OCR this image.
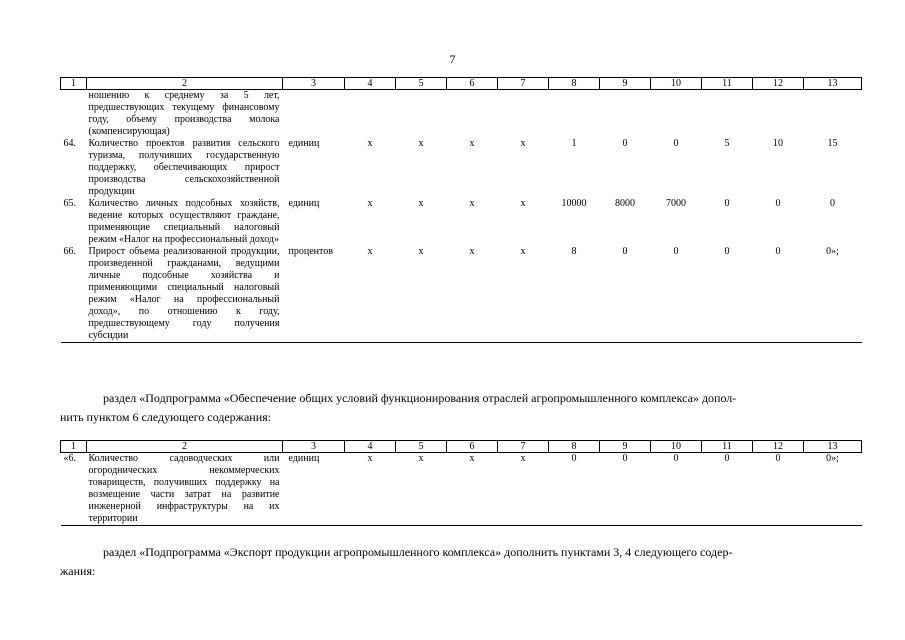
7
1	2	3	4	5	6	7	8	9	10	11	12	13
	ношению к среднему за 5 лет, предшествующих текущему финансовому году, объему производства молока (компенсирующая)											
64.	Количество проектов развития сельского туризма, получивших государственную поддержку, обеспечивающих прирост производства сельскохозяйственной продукции	единиц	х	х	х	х	1	0	0	5	10	15
65.	Количество личных подсобных хозяйств, ведение которых осуществляют граждане, применяющие специальный налоговый режим «Налог на профессиональный доход»	единиц	х	х	х	х	10000	8000	7000	0	0	0
66.	Прирост объема реализованной продукции, произведенной гражданами, ведущими личные подсобные хозяйства и применяющими специальный налоговый режим «Налог на профессиональный доход», по отношению к году, предшествующему году получения субсидии	процентов	х	х	х	х	8	0	0	0	0	0»;
раздел «Подпрограмма «Обеспечение общих условий функционирования отраслей агропромышленного комплекса» допол-
нить пунктом 6 следующего содержания:
1	2	3	4	5	6	7	8	9	10	11	12	13
«6.	Количество садоводческих или огороднических некоммерческих товариществ, получивших поддержку на возмещение части затрат на развитие инженерной инфраструктуры на их территории	единиц	х	х	х	х	0	0	0	0	0	0»;
раздел «Подпрограмма «Экспорт продукции агропромышленного комплекса» дополнить пунктами 3, 4 следующего содер-
жания:
